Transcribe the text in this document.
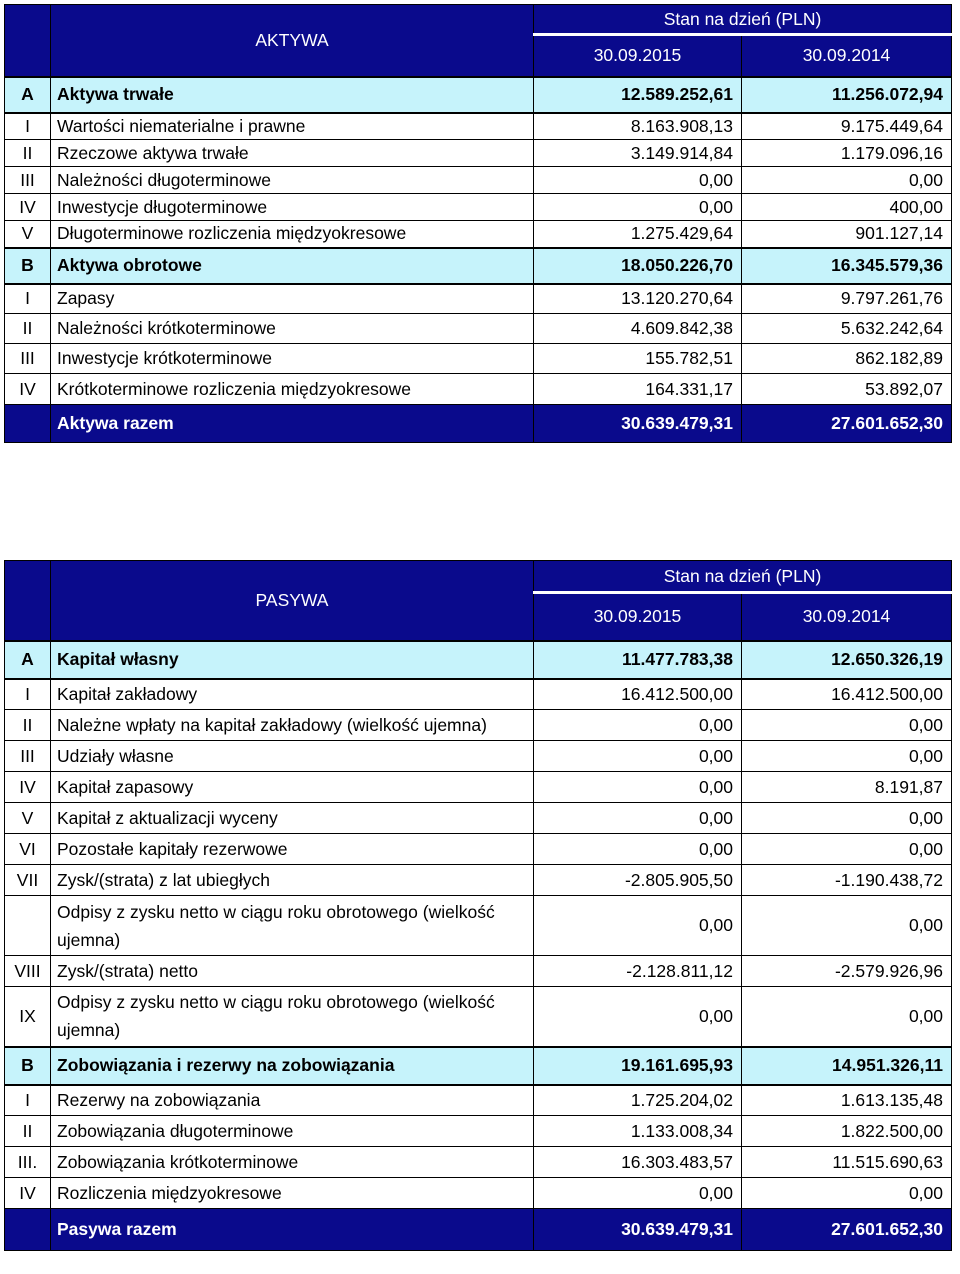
	AKTYWA	Stan na dzień (PLN)	
		30.09.2015	30.09.2014
A	Aktywa trwałe	12.589.252,61	11.256.072,94
I	Wartości niematerialne i prawne	8.163.908,13	9.175.449,64
II	Rzeczowe aktywa trwałe	3.149.914,84	1.179.096,16
III	Należności długoterminowe	0,00	0,00
IV	Inwestycje długoterminowe	0,00	400,00
V	Długoterminowe rozliczenia międzyokresowe	1.275.429,64	901.127,14
B	Aktywa obrotowe	18.050.226,70	16.345.579,36
I	Zapasy	13.120.270,64	9.797.261,76
II	Należności krótkoterminowe	4.609.842,38	5.632.242,64
III	Inwestycje krótkoterminowe	155.782,51	862.182,89
IV	Krótkoterminowe rozliczenia międzyokresowe	164.331,17	53.892,07
	Aktywa razem	30.639.479,31	27.601.652,30
	PASYWA	Stan na dzień (PLN)	
		30.09.2015	30.09.2014
A	Kapitał własny	11.477.783,38	12.650.326,19
I	Kapitał zakładowy	16.412.500,00	16.412.500,00
II	Należne wpłaty na kapitał zakładowy (wielkość ujemna)	0,00	0,00
III	Udziały własne	0,00	0,00
IV	Kapitał zapasowy	0,00	8.191,87
V	Kapitał z aktualizacji wyceny	0,00	0,00
VI	Pozostałe kapitały rezerwowe	0,00	0,00
VII	Zysk/(strata) z lat ubiegłych	-2.805.905,50	-1.190.438,72
	Odpisy z zysku netto w ciągu roku obrotowego (wielkość ujemna)	0,00	0,00
VIII	Zysk/(strata) netto	-2.128.811,12	-2.579.926,96
IX	Odpisy z zysku netto w ciągu roku obrotowego (wielkość ujemna)	0,00	0,00
B	Zobowiązania i rezerwy na zobowiązania	19.161.695,93	14.951.326,11
I	Rezerwy na zobowiązania	1.725.204,02	1.613.135,48
II	Zobowiązania długoterminowe	1.133.008,34	1.822.500,00
III.	Zobowiązania krótkoterminowe	16.303.483,57	11.515.690,63
IV	Rozliczenia międzyokresowe	0,00	0,00
	Pasywa razem	30.639.479,31	27.601.652,30
